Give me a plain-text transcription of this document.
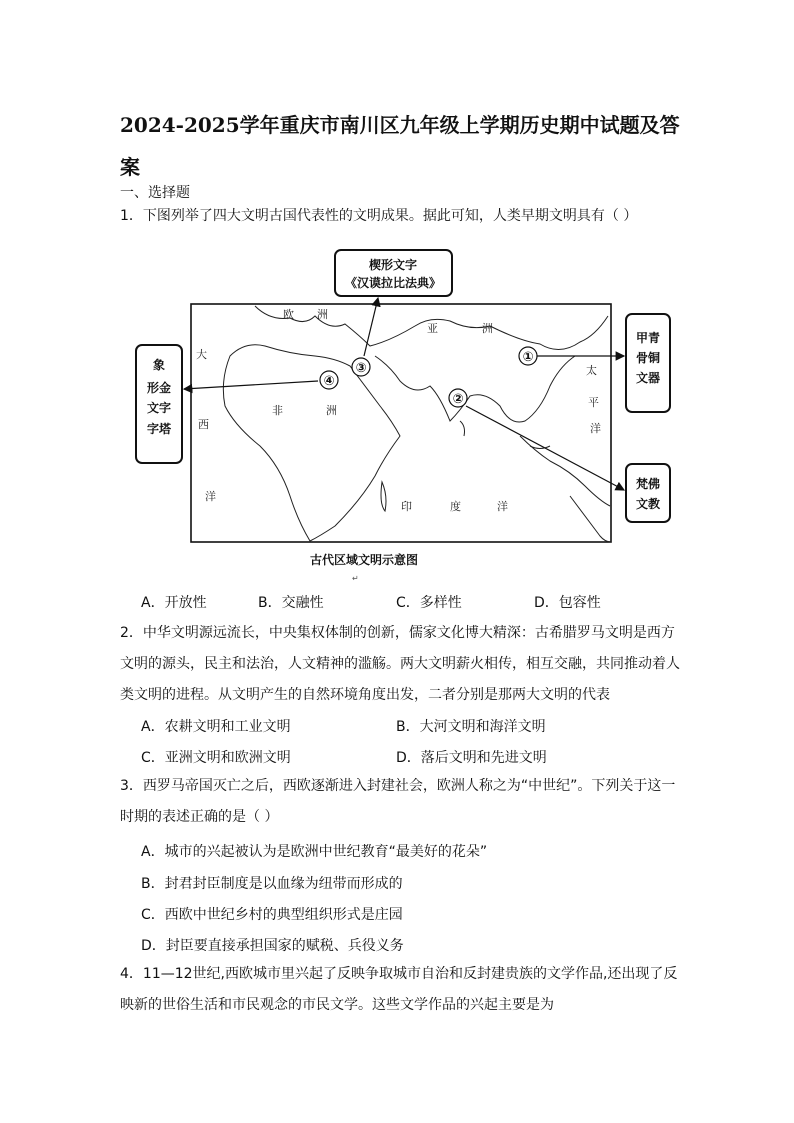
2024-2025学年重庆市南川区九年级上学期历史期中试题及答案
一、选择题
1．下图列举了四大文明古国代表性的文明成果。据此可知，人类早期文明具有（ ）
楔形文字
《汉谟拉比法典》
象
形金
文字
字塔
甲青
骨铜
文器
梵佛
文教
①
②
③
④
欧 洲
亚	洲
非	洲
大
西
洋
太
平
洋
印	度	洋
古代区域文明示意图
↵
A．开放性	B．交融性	C．多样性	D．包容性
2．中华文明源远流长，中央集权体制的创新，儒家文化博大精深：古希腊罗马文明是西方文明的源头，民主和法治，人文精神的滥觞。两大文明薪火相传，相互交融，共同推动着人类文明的进程。从文明产生的自然环境角度出发，二者分别是那两大文明的代表
A．农耕文明和工业文明	B．大河文明和海洋文明
C．亚洲文明和欧洲文明	D．落后文明和先进文明
3．西罗马帝国灭亡之后，西欧逐渐进入封建社会，欧洲人称之为“中世纪”。下列关于这一时期的表述正确的是（ ）
A．城市的兴起被认为是欧洲中世纪教育“最美好的花朵”
B．封君封臣制度是以血缘为纽带而形成的
C．西欧中世纪乡村的典型组织形式是庄园
D．封臣要直接承担国家的赋税、兵役义务
4．11—12世纪,西欧城市里兴起了反映争取城市自治和反封建贵族的文学作品,还出现了反映新的世俗生活和市民观念的市民文学。这些文学作品的兴起主要是为
